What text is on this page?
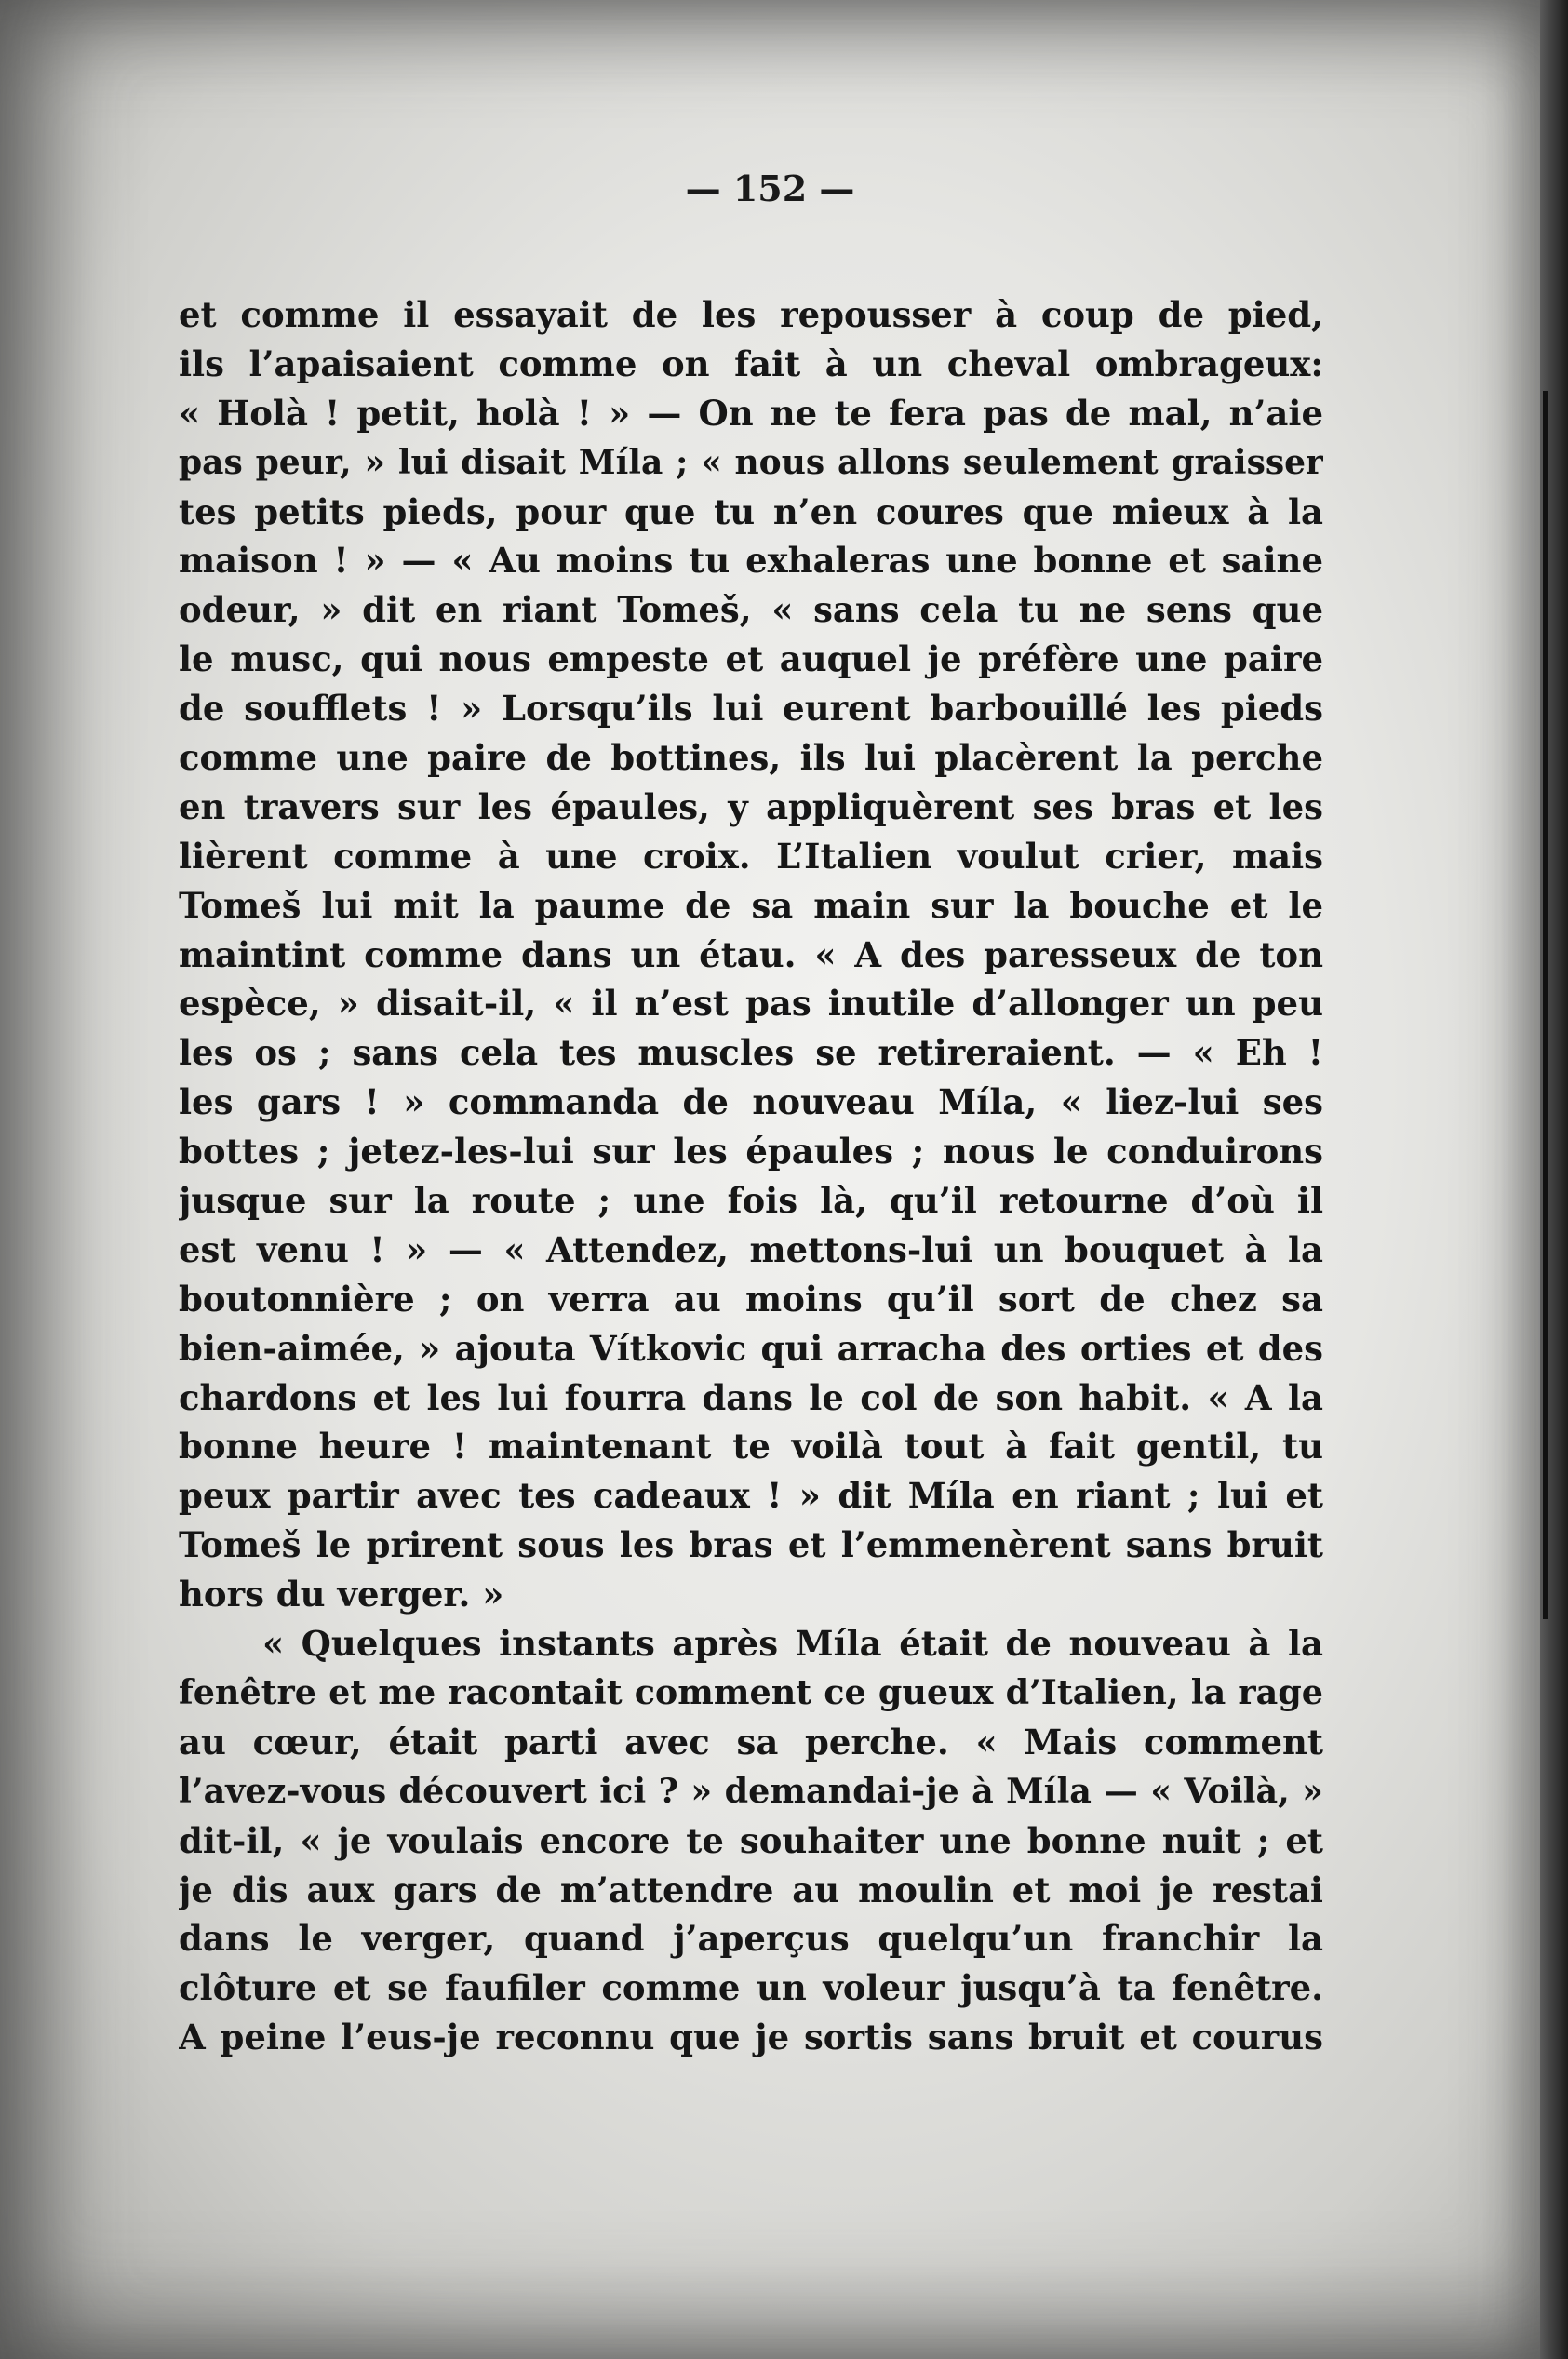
— 152 —

et comme il essayait de les repousser à coup de pied,
ils l’apaisaient comme on fait à un cheval ombrageux:
« Holà ! petit, holà ! » — On ne te fera pas de mal, n’aie
pas peur, » lui disait Míla ; « nous allons seulement graisser
tes petits pieds, pour que tu n’en coures que mieux à la
maison ! » — « Au moins tu exhaleras une bonne et saine
odeur, » dit en riant Tomeš, « sans cela tu ne sens que
le musc, qui nous empeste et auquel je préfère une paire
de soufflets ! » Lorsqu’ils lui eurent barbouillé les pieds
comme une paire de bottines, ils lui placèrent la perche
en travers sur les épaules, y appliquèrent ses bras et les
lièrent comme à une croix. L’Italien voulut crier, mais
Tomeš lui mit la paume de sa main sur la bouche et le
maintint comme dans un étau. « A des paresseux de ton
espèce, » disait-il, « il n’est pas inutile d’allonger un peu
les os ; sans cela tes muscles se retireraient. — « Eh !
les gars ! » commanda de nouveau Míla, « liez-lui ses
bottes ; jetez-les-lui sur les épaules ; nous le conduirons
jusque sur la route ; une fois là, qu’il retourne d’où il
est venu ! » — « Attendez, mettons-lui un bouquet à la
boutonnière ; on verra au moins qu’il sort de chez sa
bien-aimée, » ajouta Vítkovic qui arracha des orties et des
chardons et les lui fourra dans le col de son habit. « A la
bonne heure ! maintenant te voilà tout à fait gentil, tu
peux partir avec tes cadeaux ! » dit Míla en riant ; lui et
Tomeš le prirent sous les bras et l’emmenèrent sans bruit
hors du verger. »
« Quelques instants après Míla était de nouveau à la
fenêtre et me racontait comment ce gueux d’Italien, la rage
au cœur, était parti avec sa perche. « Mais comment
l’avez-vous découvert ici ? » demandai-je à Míla — « Voilà, »
dit-il, « je voulais encore te souhaiter une bonne nuit ; et
je dis aux gars de m’attendre au moulin et moi je restai
dans le verger, quand j’aperçus quelqu’un franchir la
clôture et se faufiler comme un voleur jusqu’à ta fenêtre.
A peine l’eus-je reconnu que je sortis sans bruit et courus
